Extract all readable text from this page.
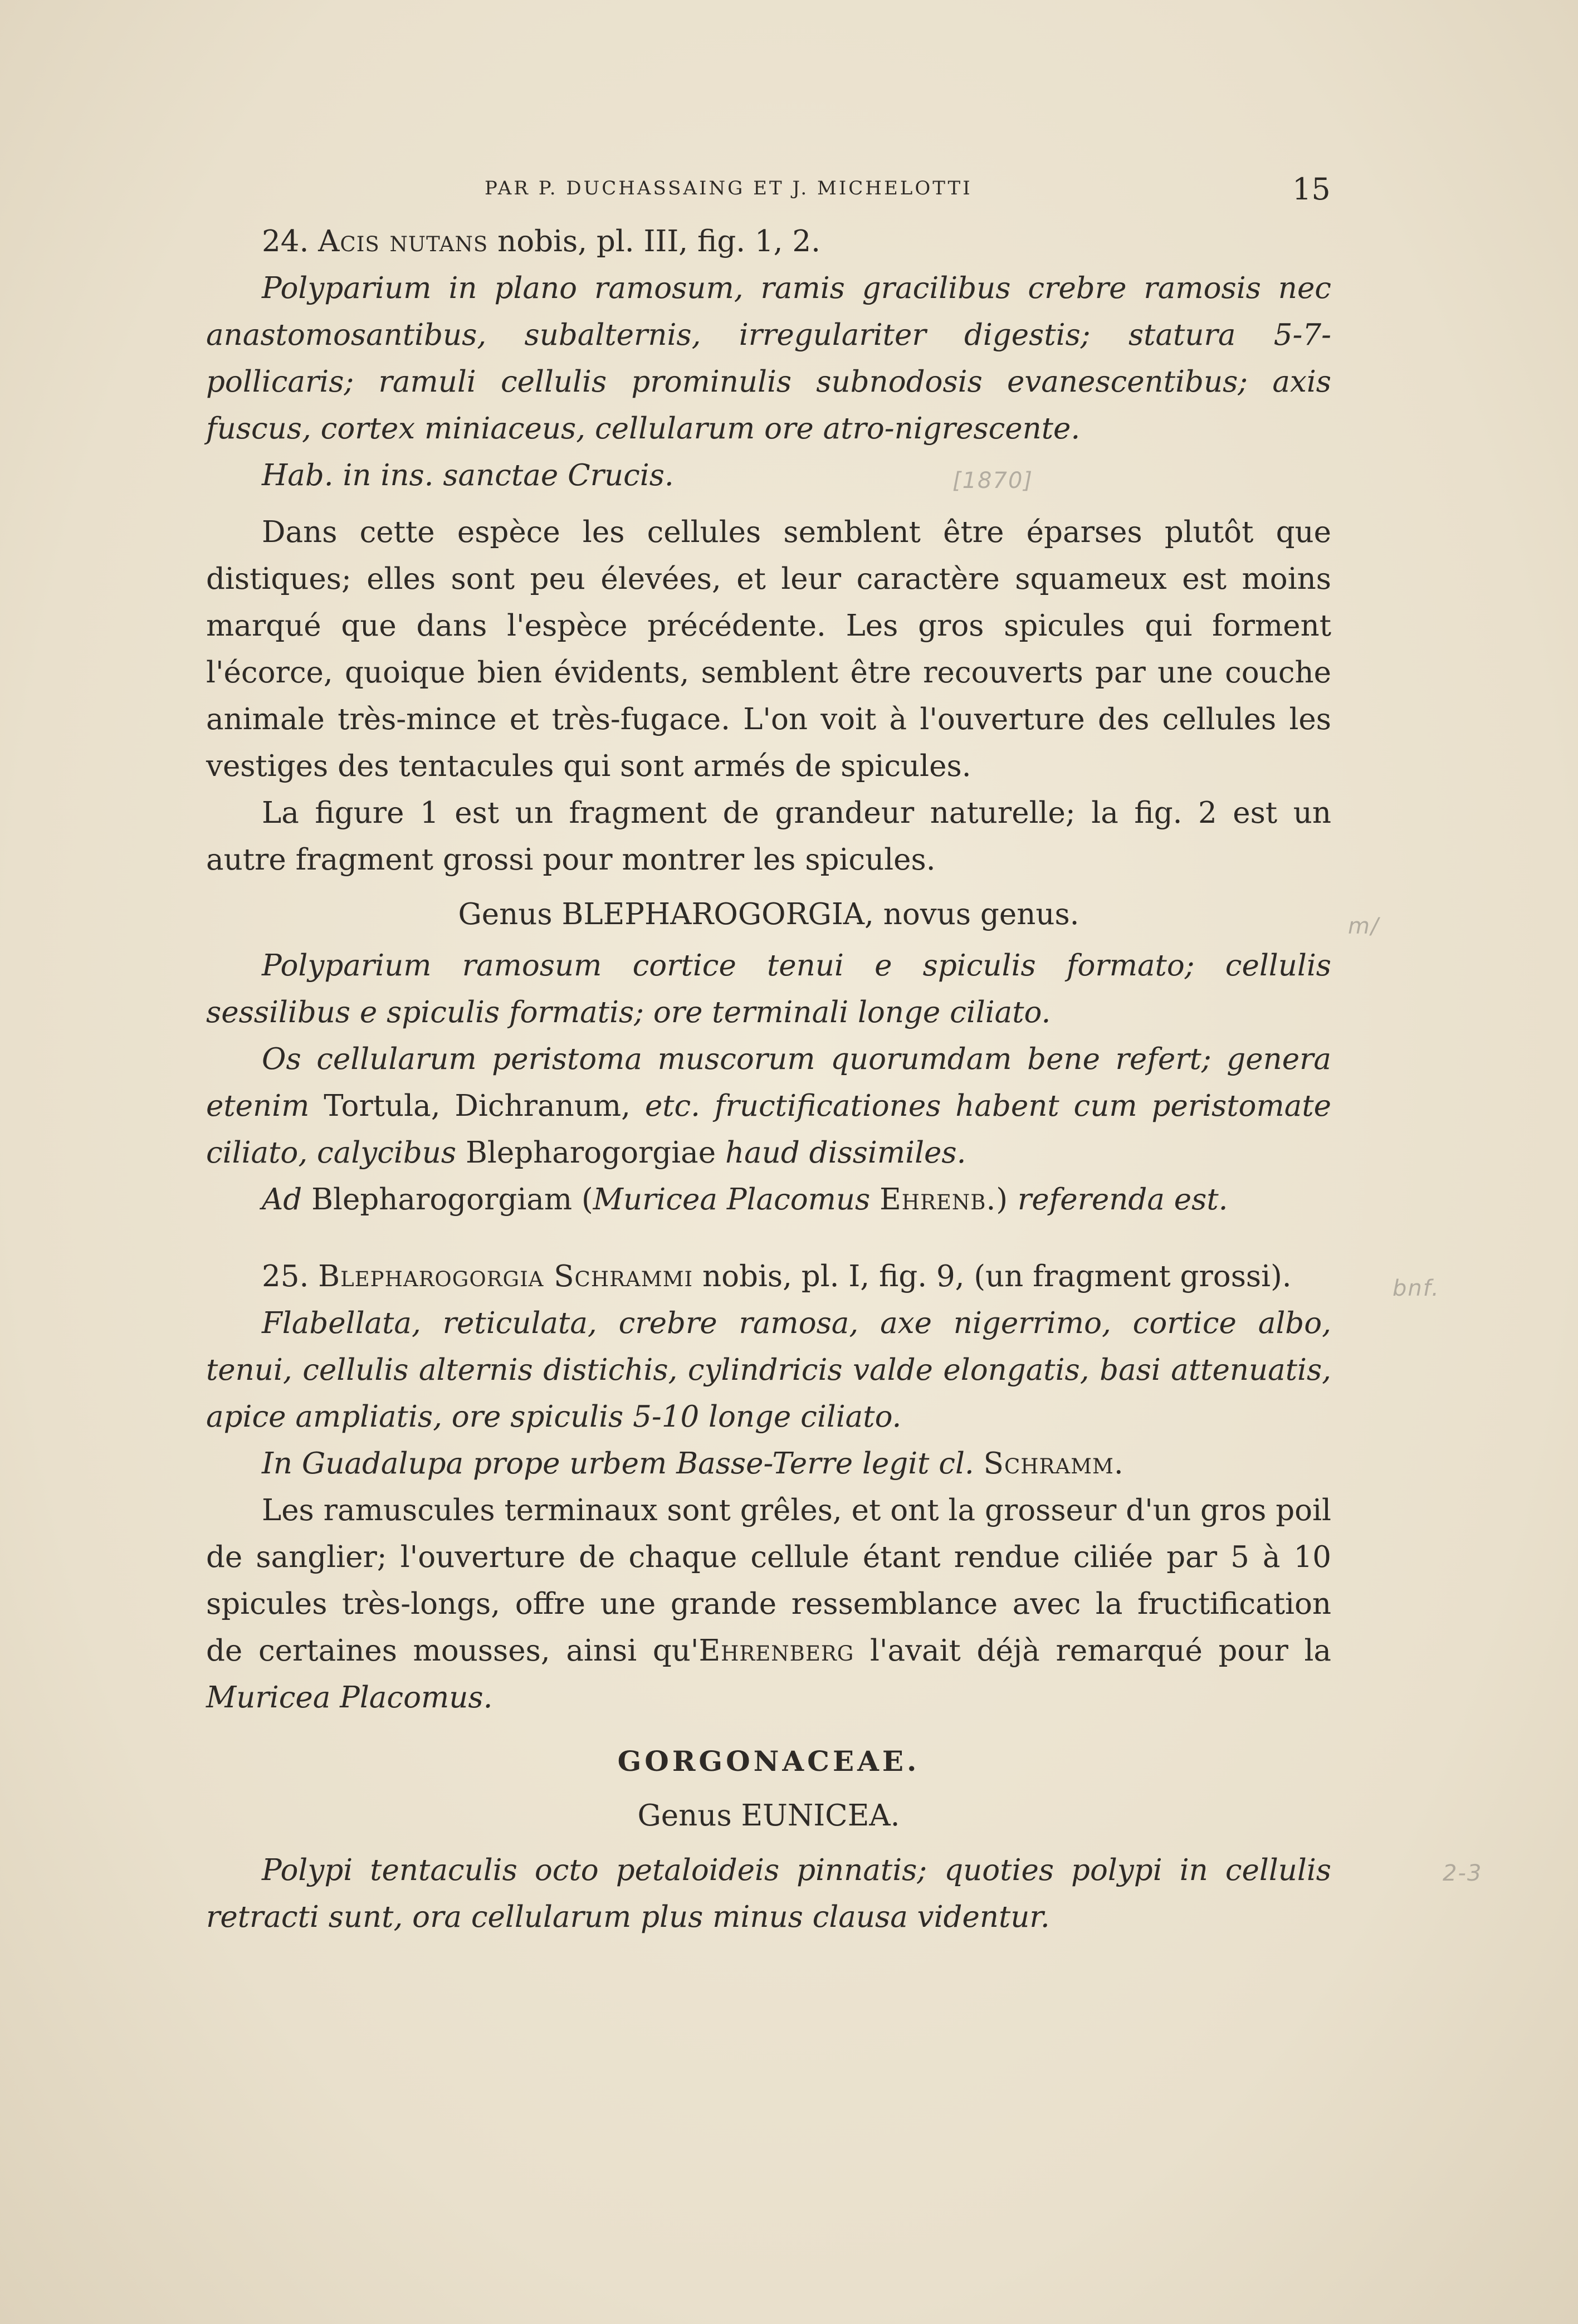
PAR P. DUCHASSAING ET J. MICHELOTTI	15

24. Acis nutans nobis, pl. III, fig. 1, 2.

Polyparium in plano ramosum, ramis gracilibus crebre ramosis nec anastomosantibus, subalternis, irregulariter digestis; statura 5-7-pollicaris; ramuli cellulis prominulis subnodosis evanescentibus; axis fuscus, cortex miniaceus, cellularum ore atro-nigrescente.

Hab. in ins. sanctae Crucis.

Dans cette espèce les cellules semblent être éparses plutôt que distiques; elles sont peu élevées, et leur caractère squameux est moins marqué que dans l'espèce précédente. Les gros spicules qui forment l'écorce, quoique bien évidents, semblent être recouverts par une couche animale très-mince et très-fugace. L'on voit à l'ouverture des cellules les vestiges des tentacules qui sont armés de spicules.

La figure 1 est un fragment de grandeur naturelle; la fig. 2 est un autre fragment grossi pour montrer les spicules.

Genus BLEPHAROGORGIA, novus genus.

Polyparium ramosum cortice tenui e spiculis formato; cellulis sessilibus e spiculis formatis; ore terminali longe ciliato.

Os cellularum peristoma muscorum quorumdam bene refert; genera etenim Tortula, Dichranum, etc. fructificationes habent cum peristomate ciliato, calycibus Blepharogorgiae haud dissimiles.

Ad Blepharogorgiam (Muricea Placomus Ehrenb.) referenda est.

25. Blepharogorgia Schrammi nobis, pl. I, fig. 9, (un fragment grossi).

Flabellata, reticulata, crebre ramosa, axe nigerrimo, cortice albo, tenui, cellulis alternis distichis, cylindricis valde elongatis, basi attenuatis, apice ampliatis, ore spiculis 5-10 longe ciliato.

In Guadalupa prope urbem Basse-Terre legit cl. Schramm.

Les ramuscules terminaux sont grêles, et ont la grosseur d'un gros poil de sanglier; l'ouverture de chaque cellule étant rendue ciliée par 5 à 10 spicules très-longs, offre une grande ressemblance avec la fructification de certaines mousses, ainsi qu'Ehrenberg l'avait déjà remarqué pour la Muricea Placomus.

GORGONACEAE.

Genus EUNICEA.

Polypi tentaculis octo petaloideis pinnatis; quoties polypi in cellulis retracti sunt, ora cellularum plus minus clausa videntur.

[1870]
m/
bnf.
2-3
